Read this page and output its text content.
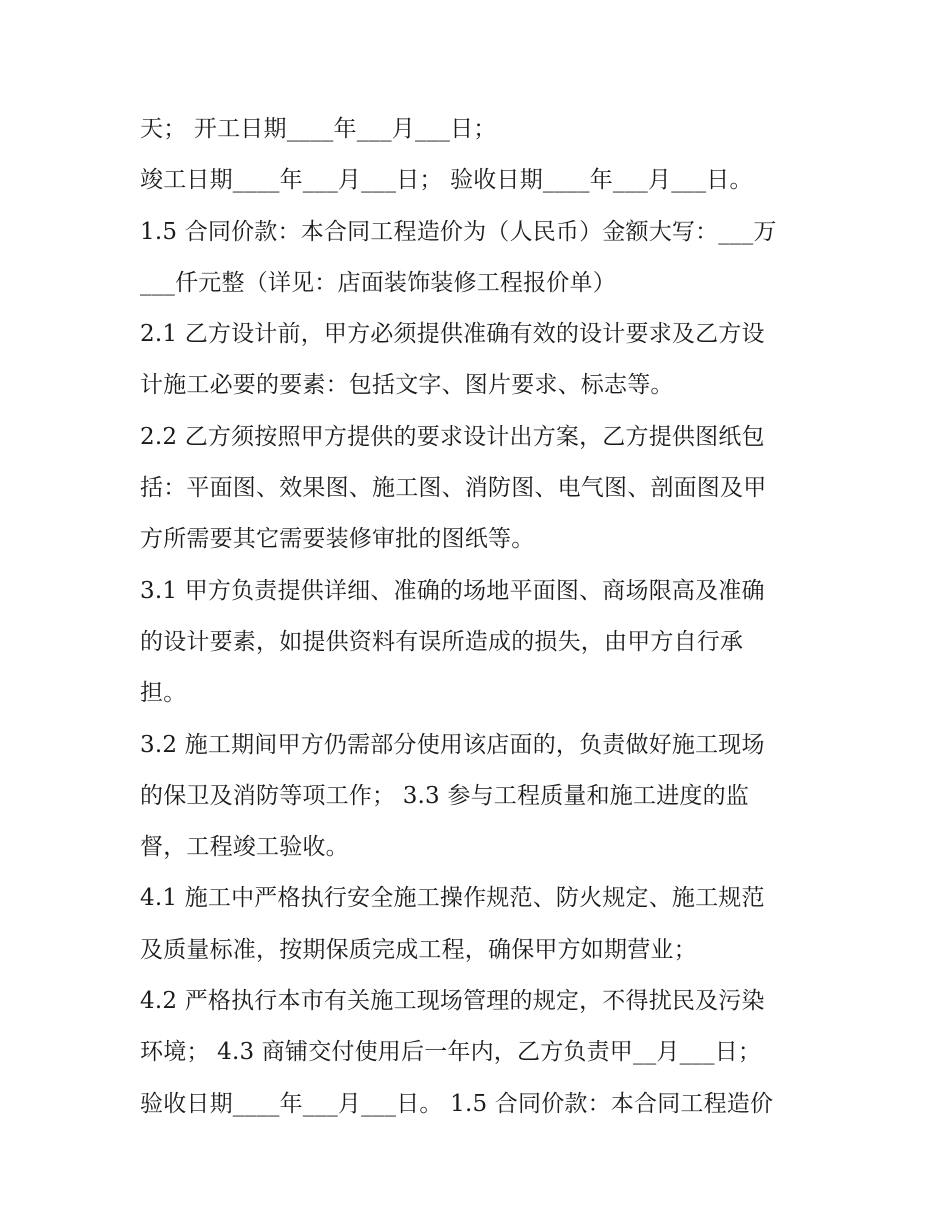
天； 开工日期____年___月___日；
竣工日期____年___月___日； 验收日期____年___月___日。
1.5 合同价款：本合同工程造价为（人民币）金额大写：___万
___仟元整（详见：店面装饰装修工程报价单）
2.1 乙方设计前，甲方必须提供准确有效的设计要求及乙方设
计施工必要的要素：包括文字、图片要求、标志等。
2.2 乙方须按照甲方提供的要求设计出方案，乙方提供图纸包
括：平面图、效果图、施工图、消防图、电气图、剖面图及甲
方所需要其它需要装修审批的图纸等。
3.1 甲方负责提供详细、准确的场地平面图、商场限高及准确
的设计要素，如提供资料有误所造成的损失，由甲方自行承
担。
3.2 施工期间甲方仍需部分使用该店面的，负责做好施工现场
的保卫及消防等项工作； 3.3 参与工程质量和施工进度的监
督，工程竣工验收。
4.1 施工中严格执行安全施工操作规范、防火规定、施工规范
及质量标准，按期保质完成工程，确保甲方如期营业；
4.2 严格执行本市有关施工现场管理的规定，不得扰民及污染
环境； 4.3 商铺交付使用后一年内，乙方负责甲__月___日；
验收日期____年___月___日。 1.5 合同价款：本合同工程造价
